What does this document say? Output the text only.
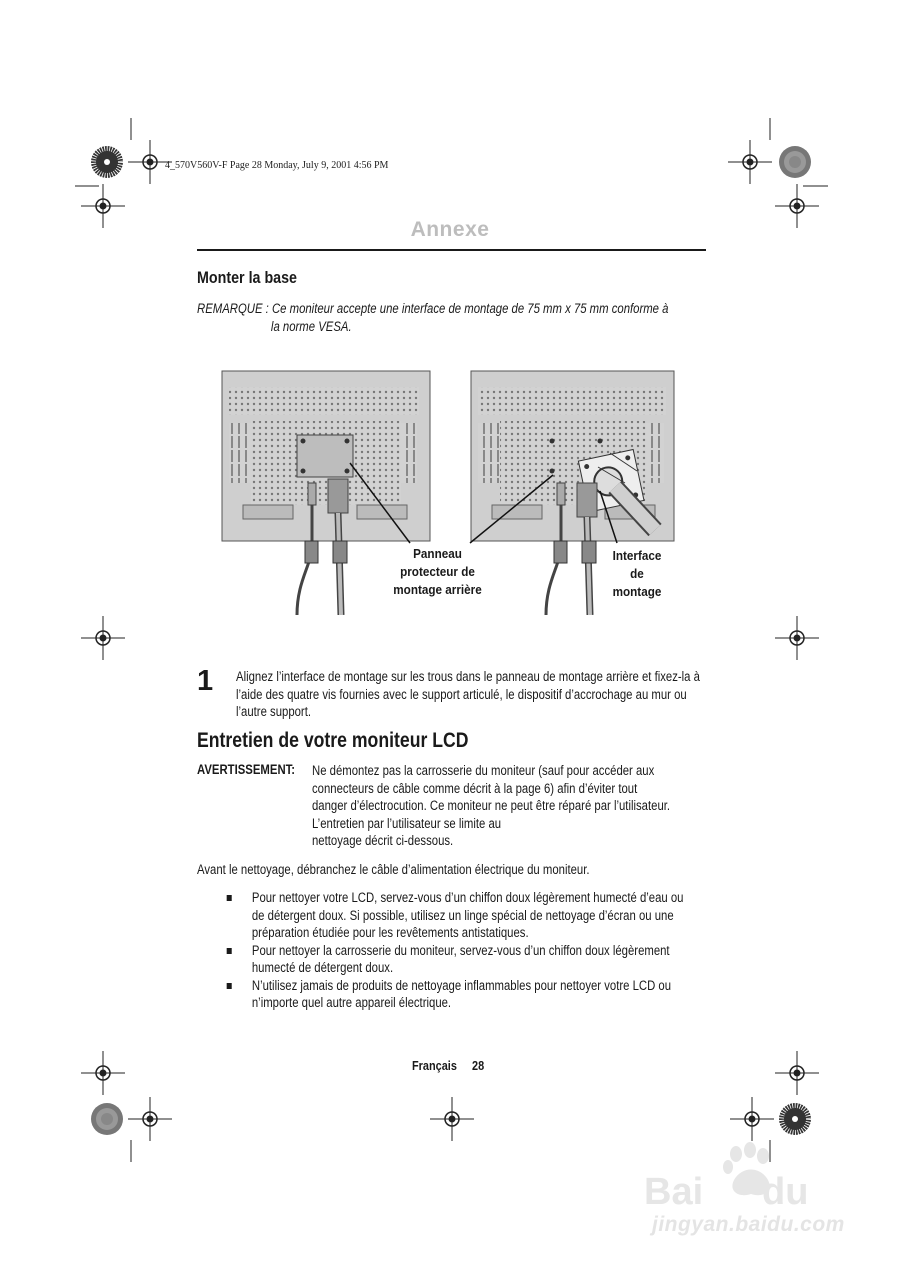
4_570V560V-F Page 28 Monday, July 9, 2001 4:56 PM
Annexe
Monter la base
REMARQUE : Ce moniteur accepte une interface de montage de 75 mm x 75 mm conforme à
la norme VESA.
Panneau
protecteur de
montage arrière
Interface
de
montage
1 Alignez l’interface de montage sur les trous dans le panneau de montage arrière et fixez-la à l’aide des quatre vis fournies avec le support articulé, le dispositif d’accrochage au mur ou l’autre support.
Entretien de votre moniteur LCD
AVERTISSEMENT: Ne démontez pas la carrosserie du moniteur (sauf pour accéder aux
connecteurs de câble comme décrit à la page 6) afin d’éviter tout
danger d’électrocution. Ce moniteur ne peut être réparé par l’utilisateur.
L’entretien par l’utilisateur se limite au
nettoyage décrit ci-dessous.
Avant le nettoyage, débranchez le câble d’alimentation électrique du moniteur.
Pour nettoyer votre LCD, servez-vous d’un chiffon doux légèrement humecté d’eau ou de détergent doux. Si possible, utilisez un linge spécial de nettoyage d’écran ou une préparation étudiée pour les revêtements antistatiques.
Pour nettoyer la carrosserie du moniteur, servez-vous d’un chiffon doux légèrement humecté de détergent doux.
N’utilisez jamais de produits de nettoyage inflammables pour nettoyer votre LCD ou n’importe quel autre appareil électrique.
Français 28
Bai du
jingyan.baidu.com
